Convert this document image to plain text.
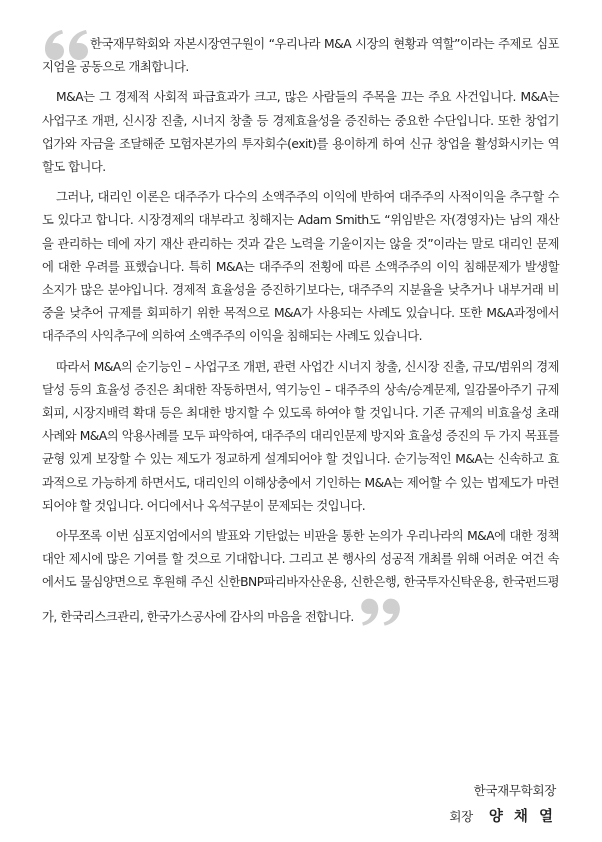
한국재무학회와 자본시장연구원이 “우리나라 M&A 시장의 현황과 역할”이라는 주제로 심포지엄을 공동으로 개최합니다.

M&A는 그 경제적 사회적 파급효과가 크고, 많은 사람들의 주목을 끄는 주요 사건입니다. M&A는 사업구조 개편, 신시장 진출, 시너지 창출 등 경제효율성을 증진하는 중요한 수단입니다. 또한 창업기업가와 자금을 조달해준 모험자본가의 투자회수(exit)를 용이하게 하여 신규 창업을 활성화시키는 역할도 합니다.

그러나, 대리인 이론은 대주주가 다수의 소액주주의 이익에 반하여 대주주의 사적이익을 추구할 수도 있다고 합니다. 시장경제의 대부라고 칭해지는 Adam Smith도 “위임받은 자(경영자)는 남의 재산을 관리하는 데에 자기 재산 관리하는 것과 같은 노력을 기울이지는 않을 것”이라는 말로 대리인 문제에 대한 우려를 표했습니다. 특히 M&A는 대주주의 전횡에 따른 소액주주의 이익 침해문제가 발생할 소지가 많은 분야입니다. 경제적 효율성을 증진하기보다는, 대주주의 지분율을 낮추거나 내부거래 비중을 낮추어 규제를 회피하기 위한 목적으로 M&A가 사용되는 사례도 있습니다. 또한 M&A과정에서 대주주의 사익추구에 의하여 소액주주의 이익을 침해되는 사례도 있습니다.

따라서 M&A의 순기능인 – 사업구조 개편, 관련 사업간 시너지 창출, 신시장 진출, 규모/범위의 경제 달성 등의 효율성 증진은 최대한 작동하면서, 역기능인 – 대주주의 상속/승계문제, 일감몰아주기 규제 회피, 시장지배력 확대 등은 최대한 방지할 수 있도록 하여야 할 것입니다. 기존 규제의 비효율성 초래 사례와 M&A의 악용사례를 모두 파악하여, 대주주의 대리인문제 방지와 효율성 증진의 두 가지 목표를 균형 있게 보장할 수 있는 제도가 정교하게 설계되어야 할 것입니다. 순기능적인 M&A는 신속하고 효과적으로 가능하게 하면서도, 대리인의 이해상충에서 기인하는 M&A는 제어할 수 있는 법제도가 마련되어야 할 것입니다. 어디에서나 옥석구분이 문제되는 것입니다.

아무쪼록 이번 심포지엄에서의 발표와 기탄없는 비판을 통한 논의가 우리나라의 M&A에 대한 정책대안 제시에 많은 기여를 할 것으로 기대합니다. 그리고 본 행사의 성공적 개최를 위해 어려운 여건 속에서도 물심양면으로 후원해 주신 신한BNP파리바자산운용, 신한은행, 한국투자신탁운용, 한국펀드평가, 한국리스크관리, 한국가스공사에 감사의 마음을 전합니다.

한국재무학회장
회장 양 채 열
